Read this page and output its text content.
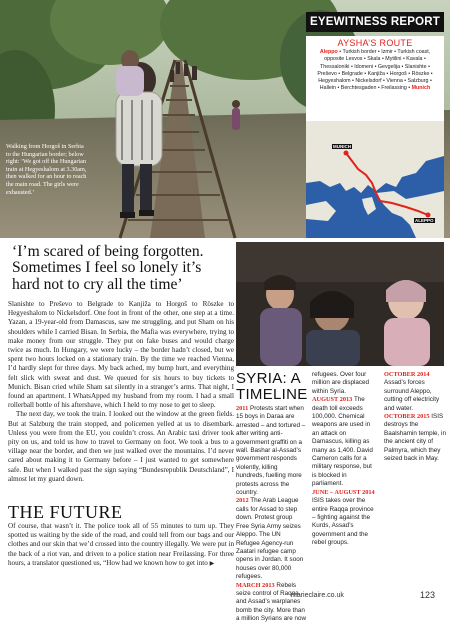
Walking from Horgoš in Serbia to the Hungarian border; below right: ‘We got off the Hungarian train at Hegyeshalom at 3.30am, then walked for an hour to reach the main road. The girls were exhausted.’
EYEWITNESS REPORT
AYSHA’S ROUTE
Aleppo • Turkish border • Izmir • Turkish coast, opposite Lesvos • Skala • Mytilini • Kavala • Thessaloniki • Idomeni • Gevgelija • Slanishte • Preševo • Belgrade • Kanjiža • Horgoš • Röszke • Hegyeshalom • Nickelsdorf • Vienna • Salzburg • Hallein • Berchtesgaden • Freilassing • Munich
MUNICH
ALEPPO
‘I’m scared of being forgotten. Sometimes I feel so lonely it’s hard not to cry all the time’

Slanishte to Preševo to Belgrade to Kanjiža to Horgoš to Röszke to Hegyeshalom to Nickelsdorf. One foot in front of the other, one step at a time. Yazan, a 19-year-old from Damascus, saw me struggling, and put Sham on his shoulders while I carried Bisan. In Serbia, the Mafia was everywhere, trying to make money from our struggle. They put on fake buses and would charge twice as much. In Hungary, we were lucky – the border hadn’t closed, but we spent two hours locked on a stationary train. By the time we reached Vienna, I’d hardly slept for three days. My back ached, my bump hurt, and everything felt slick with sweat and dust. We queued for six hours to buy tickets to Munich. Bisan cried while Sham sat silently in a stranger’s arms. That night, I found an apartment. I WhatsApped my husband from my room. I had a small rollerball bottle of his aftershave, which I held to my nose to get to sleep.

The next day, we took the train. I looked out the window at the green fields. But at Salzburg the train stopped, and policemen yelled at us to disembark. Unless you were from the EU, you couldn’t cross. An Arabic taxi driver took pity on us, and told us how to travel to Germany on foot. We took a bus to a village near the border, and then we just walked over the mountains. I’d never cared about making it to Germany before – I just wanted to get somewhere safe. But when I walked past the sign saying “Bundesrepublik Deutschland”, I almost let my guard down.

THE FUTURE
Of course, that wasn’t it. The police took all of 55 minutes to turn up. They spotted us waiting by the side of the road, and could tell from our bags and our clothes and our skin that we’d crossed into the country illegally. We were put in the back of a riot van, and driven to a police station near Freilassing. For three hours, a translator questioned us, “How had we known how to get into ▶
SYRIA: A TIMELINE
2011 Protests start when 15 boys in Daraa are arrested – and tortured – after writing anti-government graffiti on a wall. Bashar al-Assad’s government responds violently, killing hundreds, fuelling more protests across the country.
2012 The Arab League calls for Assad to step down. Protest group Free Syria Army seizes Aleppo. The UN Refugee Agency-run Zaatari refugee camp opens in Jordan. It soon houses over 80,000 refugees.
MARCH 2013 Rebels seize control of Raqqa, and Assad’s warplanes bomb the city. More than a million Syrians are now
refugees. Over four million are displaced within Syria.
AUGUST 2013 The death toll exceeds 100,000. Chemical weapons are used in an attack on Damascus, killing as many as 1,400. David Cameron calls for a military response, but is blocked in parliament.
JUNE – AUGUST 2014 ISIS takes over the entire Raqqa province – fighting against the Kurds, Assad’s government and the rebel groups.
OCTOBER 2014 Assad’s forces surround Aleppo, cutting off electricity and water.
OCTOBER 2015 ISIS destroys the Baalshamin temple, in the ancient city of Palmyra, which they seized back in May.
marieclaire.co.uk	123
